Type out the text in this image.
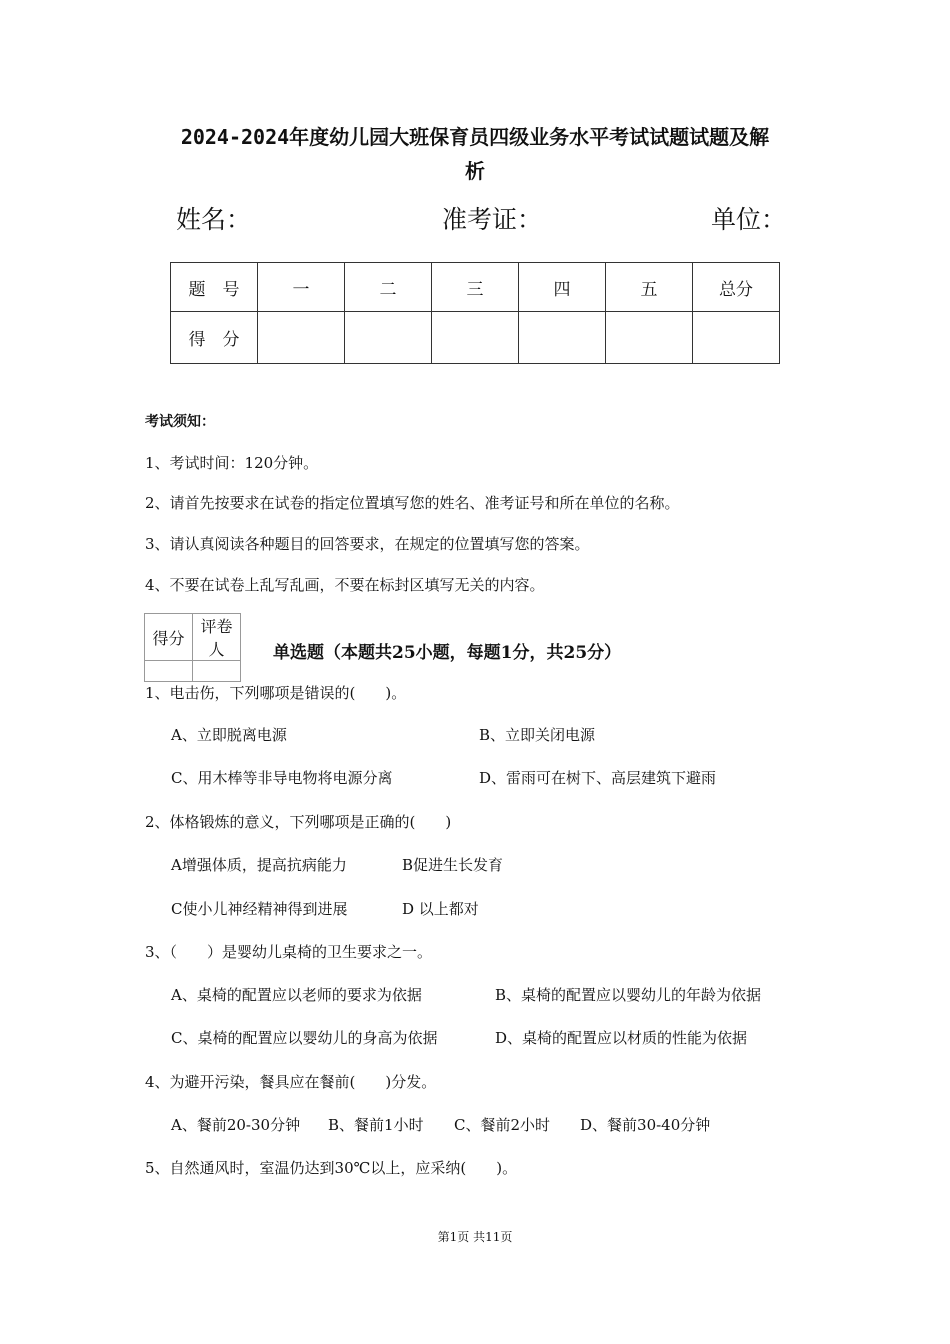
2024-2024年度幼儿园大班保育员四级业务水平考试试题试题及解
析
姓名：	准考证：	单位：
题　号	一	二	三	四	五	总分
得　分						
考试须知：
1、考试时间：120分钟。
2、请首先按要求在试卷的指定位置填写您的姓名、准考证号和所在单位的名称。
3、请认真阅读各种题目的回答要求，在规定的位置填写您的答案。
4、不要在试卷上乱写乱画，不要在标封区填写无关的内容。
得分	评卷人
		单选题（本题共25小题，每题1分，共25分）
1、电击伤，下列哪项是错误的(　　)。
A、立即脱离电源	B、立即关闭电源
C、用木棒等非导电物将电源分离	D、雷雨可在树下、高层建筑下避雨
2、体格锻炼的意义，下列哪项是正确的(　　)
A增强体质，提高抗病能力	B促进生长发育
C使小儿神经精神得到进展	D 以上都对
3、（　　）是婴幼儿桌椅的卫生要求之一。
A、桌椅的配置应以老师的要求为依据	B、桌椅的配置应以婴幼儿的年龄为依据
C、桌椅的配置应以婴幼儿的身高为依据	D、桌椅的配置应以材质的性能为依据
4、为避开污染，餐具应在餐前(　　)分发。
A、餐前20-30分钟 B、餐前1小时 C、餐前2小时 D、餐前30-40分钟
5、自然通风时，室温仍达到30℃以上，应采纳(　　)。
第1页 共11页
